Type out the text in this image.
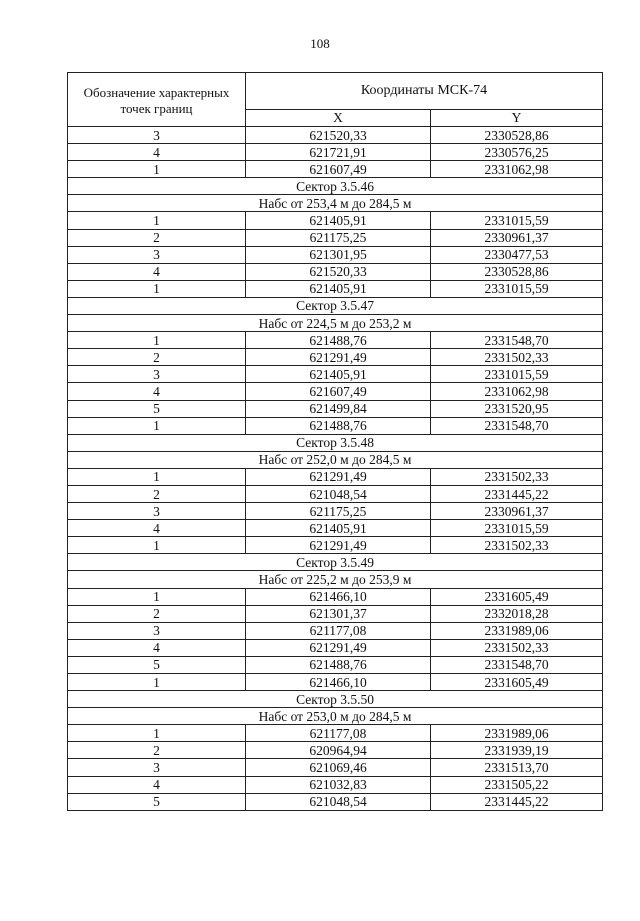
108
Обозначение характерных точек границ	Координаты МСК-74	
	X	Y
3	621520,33	2330528,86
4	621721,91	2330576,25
1	621607,49	2331062,98
Сектор 3.5.46		
Набс от 253,4 м до 284,5 м		
1	621405,91	2331015,59
2	621175,25	2330961,37
3	621301,95	2330477,53
4	621520,33	2330528,86
1	621405,91	2331015,59
Сектор 3.5.47		
Набс от 224,5 м до 253,2 м		
1	621488,76	2331548,70
2	621291,49	2331502,33
3	621405,91	2331015,59
4	621607,49	2331062,98
5	621499,84	2331520,95
1	621488,76	2331548,70
Сектор 3.5.48		
Набс от 252,0 м до 284,5 м		
1	621291,49	2331502,33
2	621048,54	2331445,22
3	621175,25	2330961,37
4	621405,91	2331015,59
1	621291,49	2331502,33
Сектор 3.5.49		
Набс от 225,2 м до 253,9 м		
1	621466,10	2331605,49
2	621301,37	2332018,28
3	621177,08	2331989,06
4	621291,49	2331502,33
5	621488,76	2331548,70
1	621466,10	2331605,49
Сектор 3.5.50		
Набс от 253,0 м до 284,5 м		
1	621177,08	2331989,06
2	620964,94	2331939,19
3	621069,46	2331513,70
4	621032,83	2331505,22
5	621048,54	2331445,22
